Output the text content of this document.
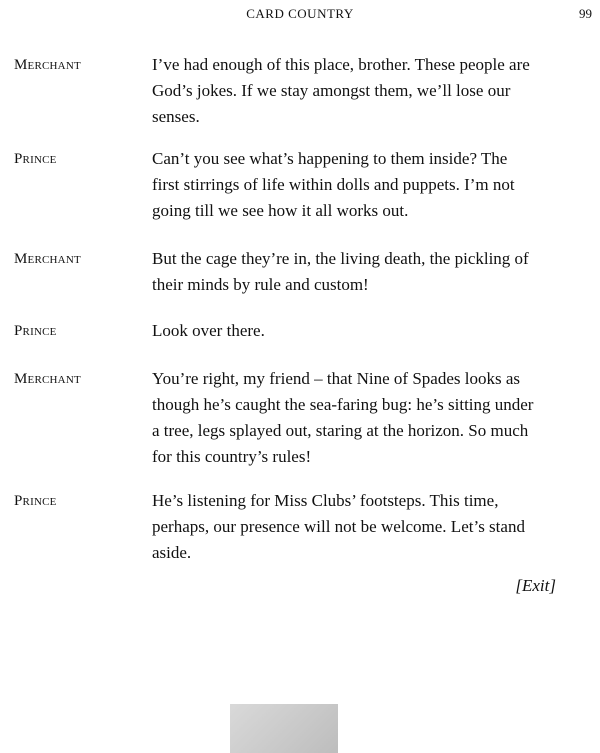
CARD COUNTRY	99
Merchant	I’ve had enough of this place, brother. These people are
God’s jokes. If we stay amongst them, we’ll lose our
senses.
Prince	Can’t you see what’s happening to them inside? The
first stirrings of life within dolls and puppets. I’m not
going till we see how it all works out.
Merchant	But the cage they’re in, the living death, the pickling of
their minds by rule and custom!
Prince	Look over there.
Merchant	You’re right, my friend – that Nine of Spades looks as
though he’s caught the sea-faring bug: he’s sitting under
a tree, legs splayed out, staring at the horizon. So much
for this country’s rules!
Prince	He’s listening for Miss Clubs’ footsteps. This time,
perhaps, our presence will not be welcome. Let’s stand
aside.
[Exit]
